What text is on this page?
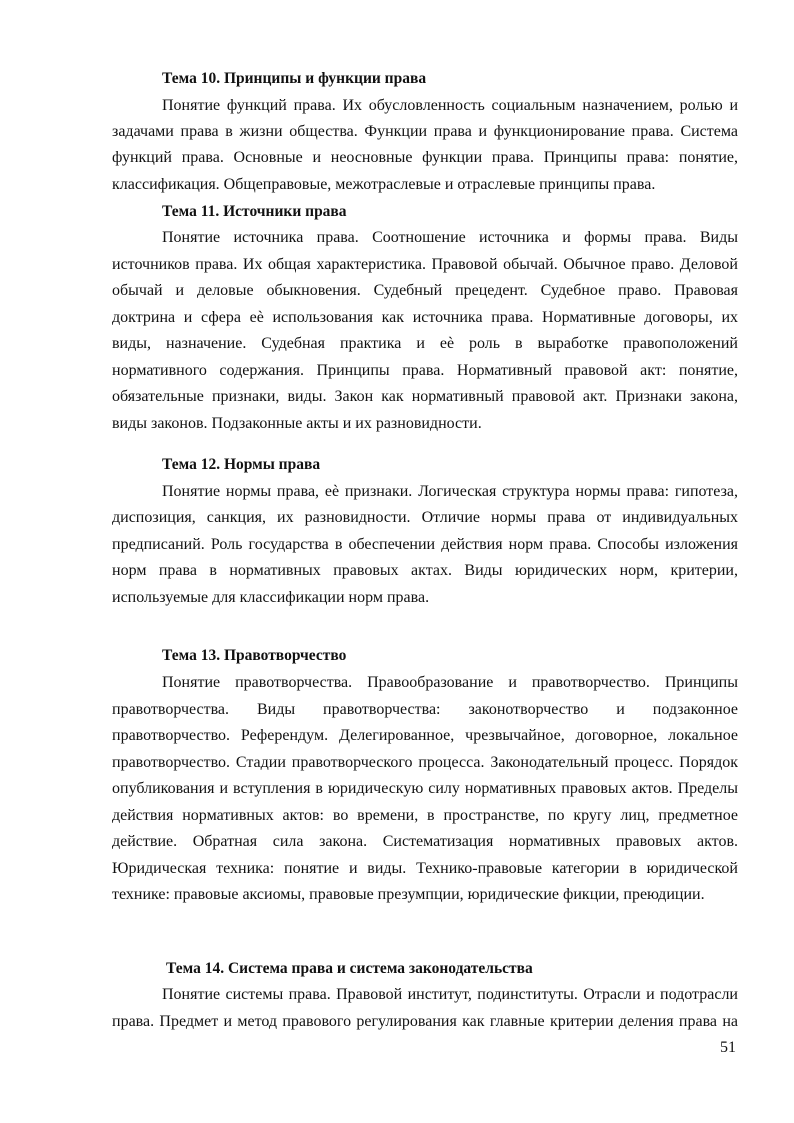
Тема 10. Принципы и функции права
Понятие функций права. Их обусловленность социальным назначением, ролью и
задачами права в жизни общества. Функции права и функционирование права. Система
функций права. Основные и неосновные функции права. Принципы права: понятие,
классификация. Общеправовые, межотраслевые и отраслевые принципы права.
Тема 11. Источники права
Понятие источника права. Соотношение источника и формы права. Виды
источников права. Их общая характеристика. Правовой обычай. Обычное право. Деловой
обычай и деловые обыкновения. Судебный прецедент. Судебное право. Правовая
доктрина и сфера еѐ использования как источника права. Нормативные договоры, их
виды, назначение. Судебная практика и еѐ роль в выработке правоположений
нормативного содержания. Принципы права. Нормативный правовой акт: понятие,
обязательные признаки, виды. Закон как нормативный правовой акт. Признаки закона,
виды законов. Подзаконные акты и их разновидности.
Тема 12. Нормы права
Понятие нормы права, еѐ признаки. Логическая структура нормы права: гипотеза,
диспозиция, санкция, их разновидности. Отличие нормы права от индивидуальных
предписаний. Роль государства в обеспечении действия норм права. Способы изложения
норм права в нормативных правовых актах. Виды юридических норм, критерии,
используемые для классификации норм права.
Тема 13. Правотворчество
Понятие правотворчества. Правообразование и правотворчество. Принципы
правотворчества. Виды правотворчества: законотворчество и подзаконное
правотворчество. Референдум. Делегированное, чрезвычайное, договорное, локальное
правотворчество. Стадии правотворческого процесса. Законодательный процесс. Порядок
опубликования и вступления в юридическую силу нормативных правовых актов. Пределы
действия нормативных актов: во времени, в пространстве, по кругу лиц, предметное
действие. Обратная сила закона. Систематизация нормативных правовых актов.
Юридическая техника: понятие и виды. Технико-правовые категории в юридической
технике: правовые аксиомы, правовые презумпции, юридические фикции, преюдиции.
Тема 14. Система права и система законодательства
Понятие системы права. Правовой институт, подинституты. Отрасли и подотрасли
права. Предмет и метод правового регулирования как главные критерии деления права на
51
